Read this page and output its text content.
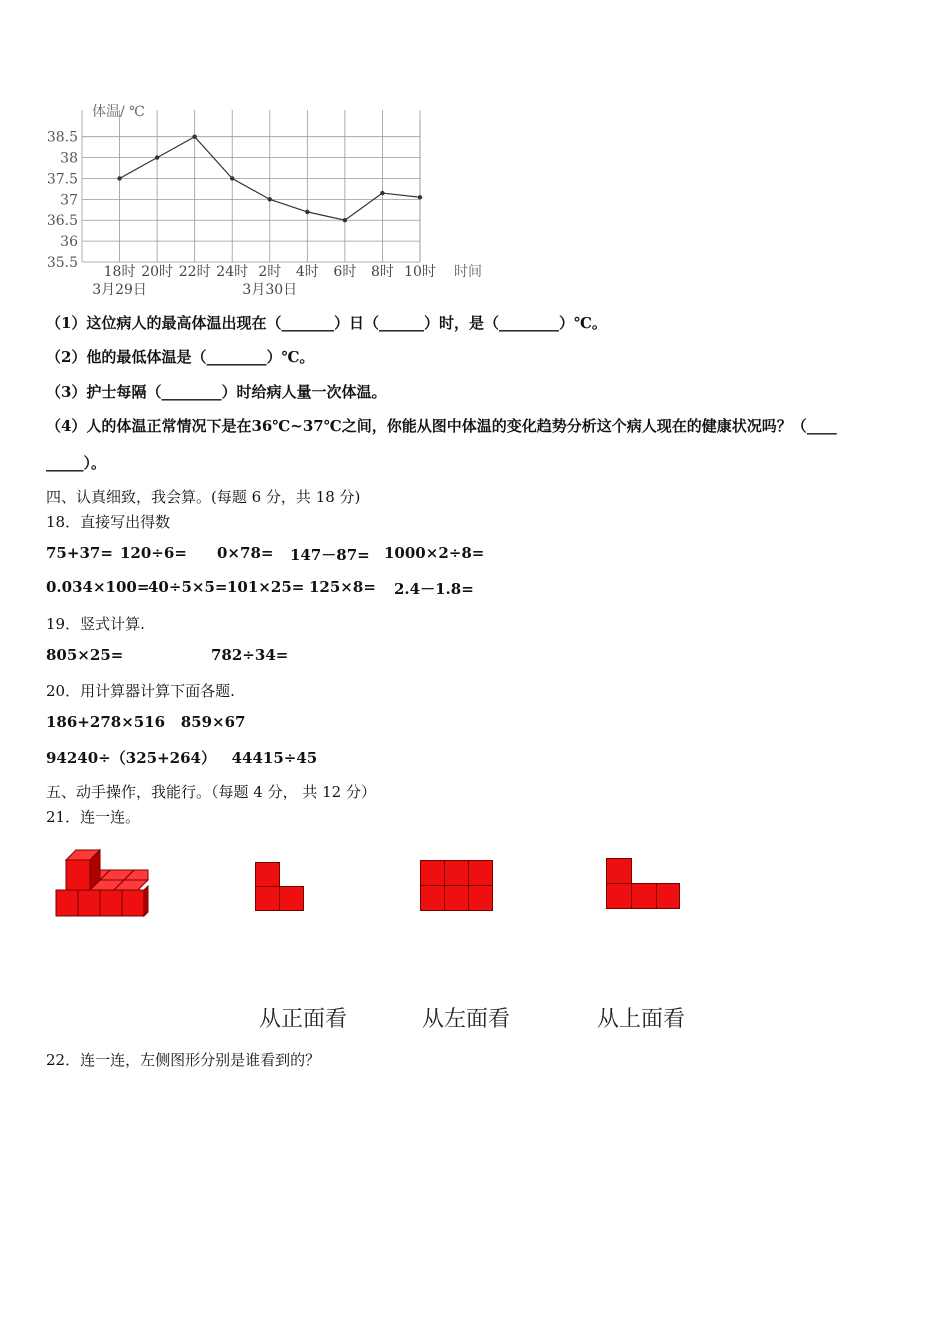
体温/ ℃
时间
38.5
38
37.5
37
36.5
36
35.5
18时 20时 22时 24时 2时 4时 6时 8时 10时
3月29日	3月30日
（1）这位病人的最高体温出现在（_______）日（______）时，是（________）℃。
（2）他的最低体温是（________）℃。
（3）护士每隔（________）时给病人量一次体温。
（4）人的体温正常情况下是在36℃~37℃之间，你能从图中体温的变化趋势分析这个病人现在的健康状况吗？（____
_____）。
四、认真细致，我会算。(每题 6 分，共 18 分)
18．直接写出得数
75+37= 120÷6= 0×78= 147－87= 1000×2÷8=
0.034×100=
40÷5×5= 101×25= 125×8= 2.4－1.8=
19．竖式计算.
805×25=	782÷34=
20．用计算器计算下面各题.
186+278×516   859×67
94240÷（325+264）   44415÷45
五、动手操作，我能行。（每题 4 分， 共 12 分）
21．连一连。
从正面看	从左面看	从上面看
22．连一连，左侧图形分别是谁看到的？
